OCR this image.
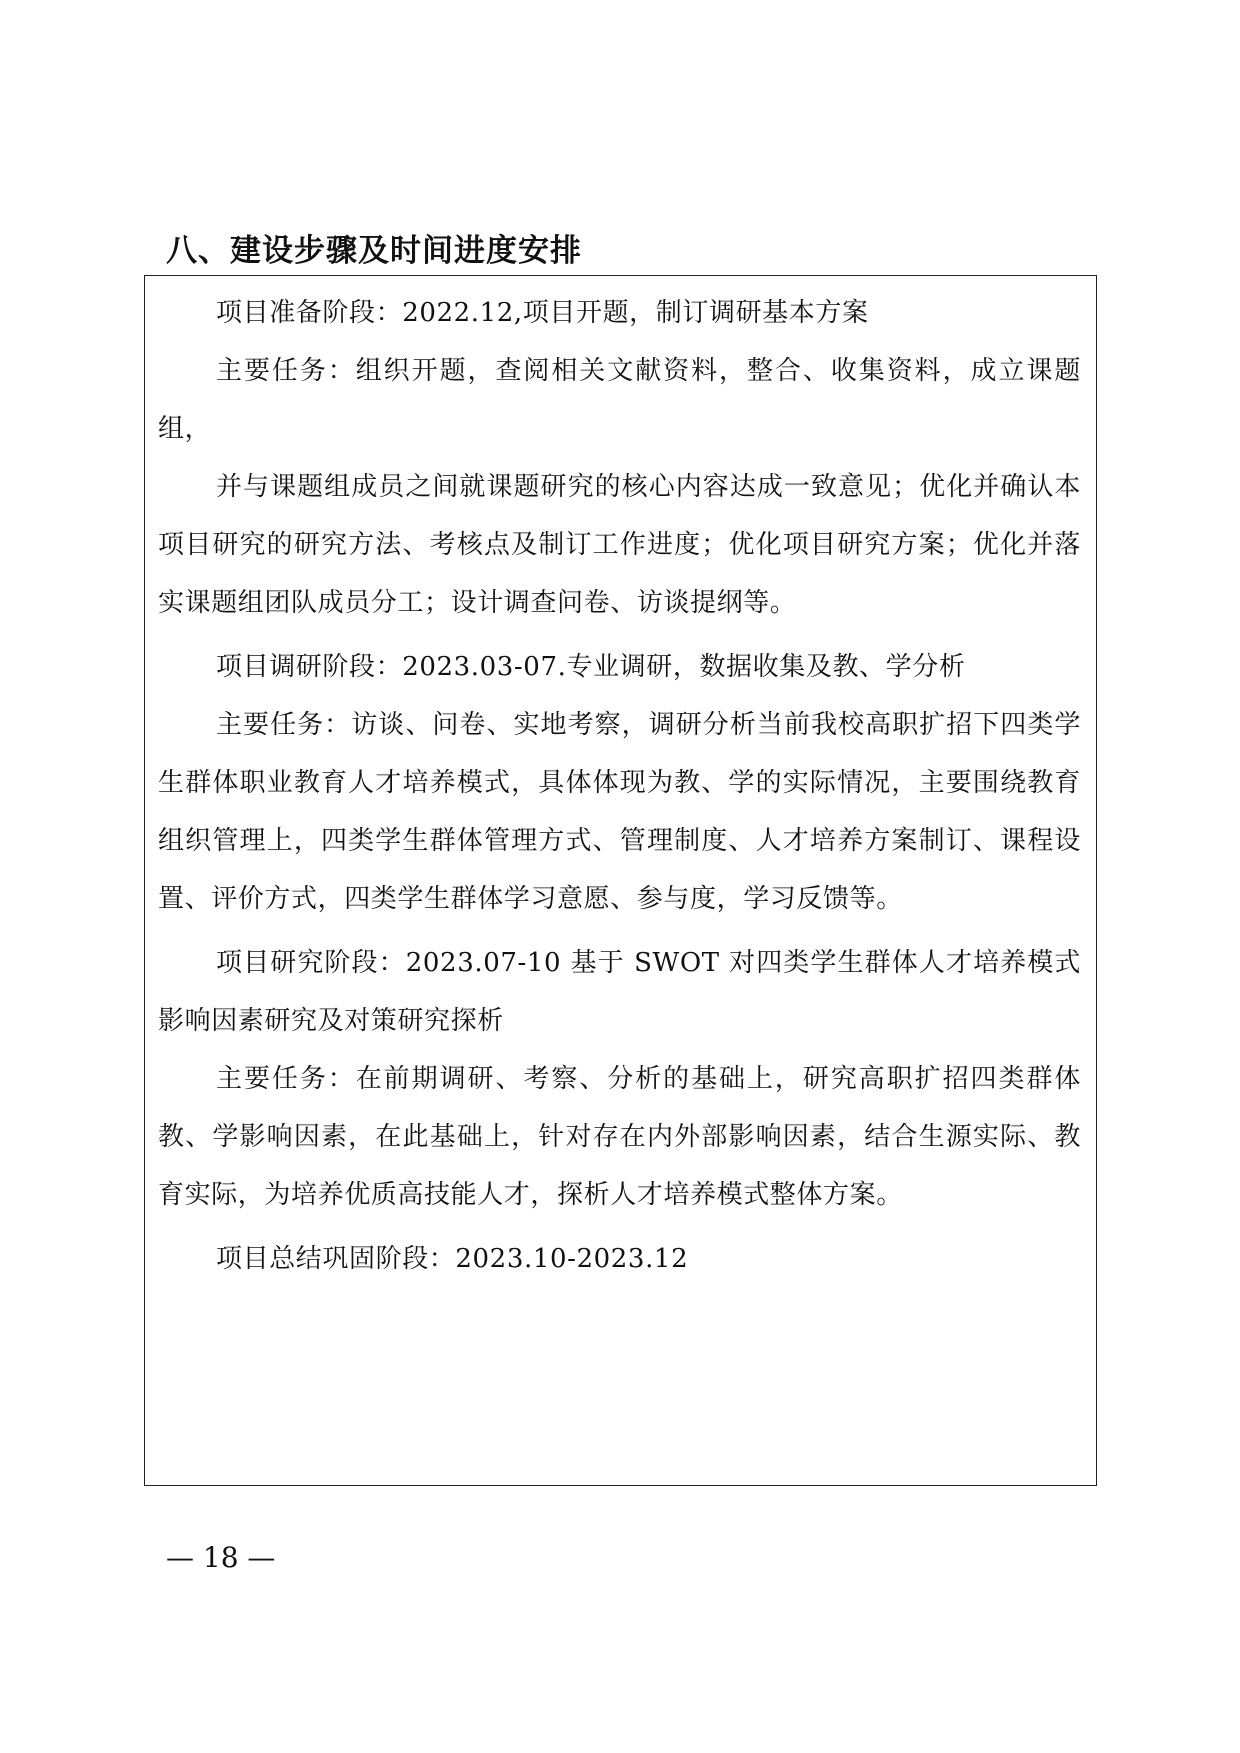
八、建设步骤及时间进度安排

项目准备阶段：2022.12,项目开题，制订调研基本方案

主要任务：组织开题，查阅相关文献资料，整合、收集资料，成立课题组，

并与课题组成员之间就课题研究的核心内容达成一致意见；优化并确认本项目研究的研究方法、考核点及制订工作进度；优化项目研究方案；优化并落实课题组团队成员分工；设计调查问卷、访谈提纲等。

项目调研阶段：2023.03-07.专业调研，数据收集及教、学分析

主要任务：访谈、问卷、实地考察，调研分析当前我校高职扩招下四类学生群体职业教育人才培养模式，具体体现为教、学的实际情况，主要围绕教育组织管理上，四类学生群体管理方式、管理制度、人才培养方案制订、课程设置、评价方式，四类学生群体学习意愿、参与度，学习反馈等。

项目研究阶段：2023.07-10 基于 SWOT 对四类学生群体人才培养模式影响因素研究及对策研究探析

主要任务：在前期调研、考察、分析的基础上，研究高职扩招四类群体教、学影响因素，在此基础上，针对存在内外部影响因素，结合生源实际、教育实际，为培养优质高技能人才，探析人才培养模式整体方案。

项目总结巩固阶段：2023.10-2023.12

— 18 —
